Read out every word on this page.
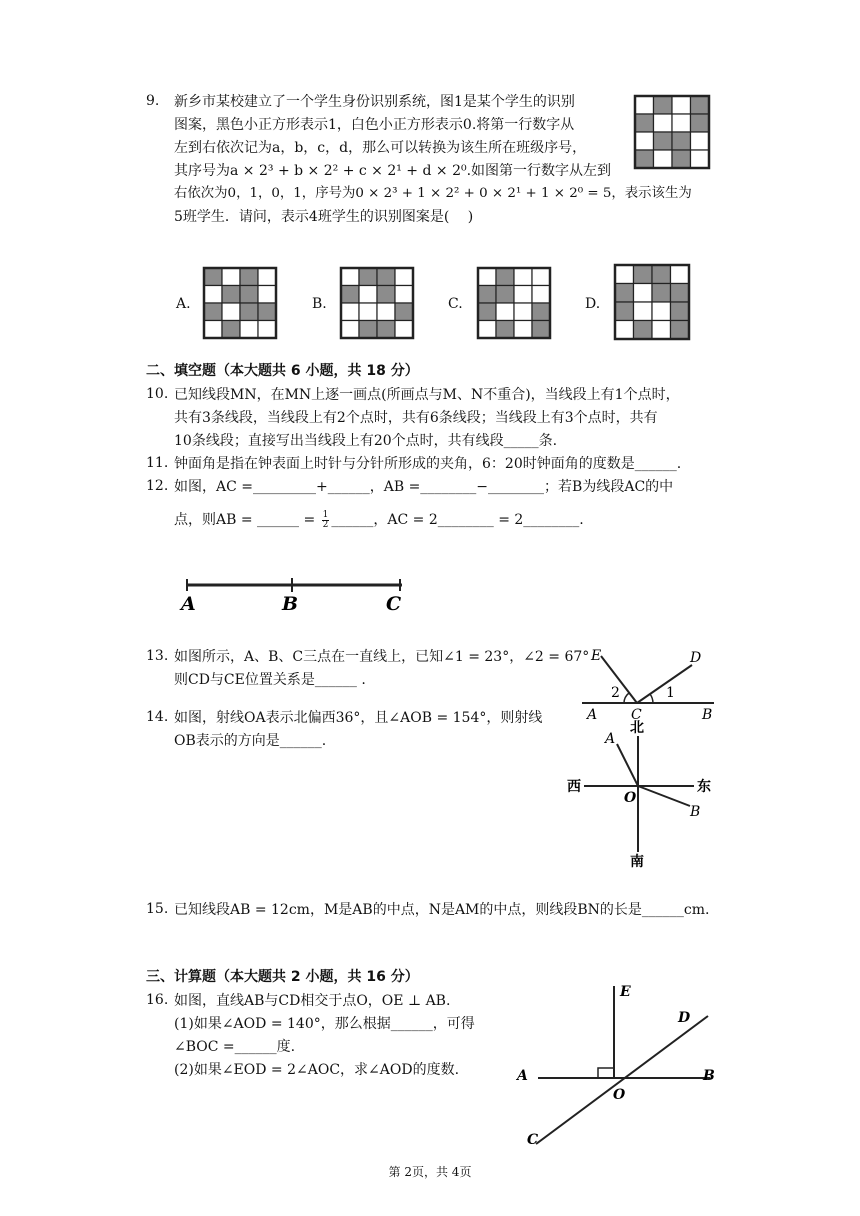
9. 新乡市某校建立了一个学生身份识别系统，图1是某个学生的识别
图案，黑色小正方形表示1，白色小正方形表示0.将第一行数字从
左到右依次记为a，b，c，d，那么可以转换为该生所在班级序号，
其序号为a × 2³ + b × 2² + c × 2¹ + d × 2⁰.如图第一行数字从左到
右依次为0，1，0，1，序号为0 × 2³ + 1 × 2² + 0 × 2¹ + 1 × 2⁰ = 5，表示该生为
5班学生．请问，表示4班学生的识别图案是(　 )
A.	B.	C.	D.
二、填空题（本大题共 6 小题，共 18 分）
10. 已知线段MN，在MN上逐一画点(所画点与M、N不重合)，当线段上有1个点时，
共有3条线段，当线段上有2个点时，共有6条线段；当线段上有3个点时，共有
10条线段；直接写出当线段上有20个点时，共有线段_____条.
11. 钟面角是指在钟表面上时针与分针所形成的夹角，6：20时钟面角的度数是______.
12. 如图，AC =_________+______，AB =________−________；若B为线段AC的中
点，则AB = ______ = $\frac{1}{2}$ ______，AC = 2________ = 2________.
A	B	C
13. 如图所示，A、B、C三点在一直线上，已知∠1 = 23°，∠2 = 67°
则CD与CE位置关系是______ .
E	D
2	1
A C	B
14. 如图，射线OA表示北偏西36°，且∠AOB = 154°，则射线
OB表示的方向是______.
北
A
西	东
O
B
南
15. 已知线段AB = 12cm，M是AB的中点，N是AM的中点，则线段BN的长是______cm.
三、计算题（本大题共 2 小题，共 16 分）
16. 如图，直线AB与CD相交于点O，OE ⊥ AB.
(1)如果∠AOD = 140°，那么根据______，可得
∠BOC =______度.
(2)如果∠EOD = 2∠AOC，求∠AOD的度数.
E
D
A	B
O
C
第 2页，共 4页
